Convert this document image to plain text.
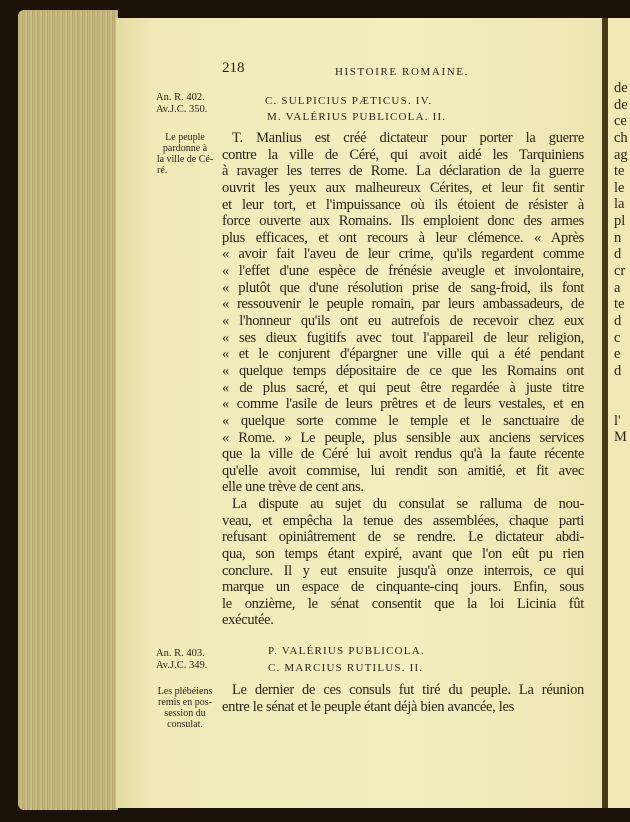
218	HISTOIRE ROMAINE.
An. R. 402.
Av.J.C. 350.
C. SULPICIUS PÆTICUS. IV.
M. VALÉRIUS PUBLICOLA. II.
Le peuple
pardonne à
la ville de Cé-
ré.
T. Manlius est créé dictateur pour porter la guerre
contre la ville de Céré, qui avoit aidé les Tarquiniens
à ravager les terres de Rome. La déclaration de la guerre
ouvrit les yeux aux malheureux Cérites, et leur fit sentir
et leur tort, et l'impuissance où ils étoient de résister à
force ouverte aux Romains. Ils emploient donc des armes
plus efficaces, et ont recours à leur clémence. « Après
« avoir fait l'aveu de leur crime, qu'ils regardent comme
« l'effet d'une espèce de frénésie aveugle et involontaire,
« plutôt que d'une résolution prise de sang-froid, ils font
« ressouvenir le peuple romain, par leurs ambassadeurs, de
« l'honneur qu'ils ont eu autrefois de recevoir chez eux
« ses dieux fugitifs avec tout l'appareil de leur religion,
« et le conjurent d'épargner une ville qui a été pendant
« quelque temps dépositaire de ce que les Romains ont
« de plus sacré, et qui peut être regardée à juste titre
« comme l'asile de leurs prêtres et de leurs vestales, et en
« quelque sorte comme le temple et le sanctuaire de
« Rome. » Le peuple, plus sensible aux anciens services
que la ville de Céré lui avoit rendus qu'à la faute récente
qu'elle avoit commise, lui rendit son amitié, et fit avec
elle une trève de cent ans.
La dispute au sujet du consulat se ralluma de nou-
veau, et empêcha la tenue des assemblées, chaque parti
refusant opiniâtrement de se rendre. Le dictateur abdi-
qua, son temps étant expiré, avant que l'on eût pu rien
conclure. Il y eut ensuite jusqu'à onze interrois, ce qui
marque un espace de cinquante-cinq jours. Enfin, sous
le onzième, le sénat consentit que la loi Licinia fût
exécutée.
An. R. 403.
Av.J.C. 349.
P. VALÉRIUS PUBLICOLA.
C. MARCIUS RUTILUS. II.
Les plébéiens
remis en pos-
session du
consulat.
Le dernier de ces consuls fut tiré du peuple. La réunion
entre le sénat et le peuple étant déjà bien avancée, les
de
de
ce
ch
ag
te
le
la
pl
n
d
cr
a
te
d
c
e
d
l'
M
